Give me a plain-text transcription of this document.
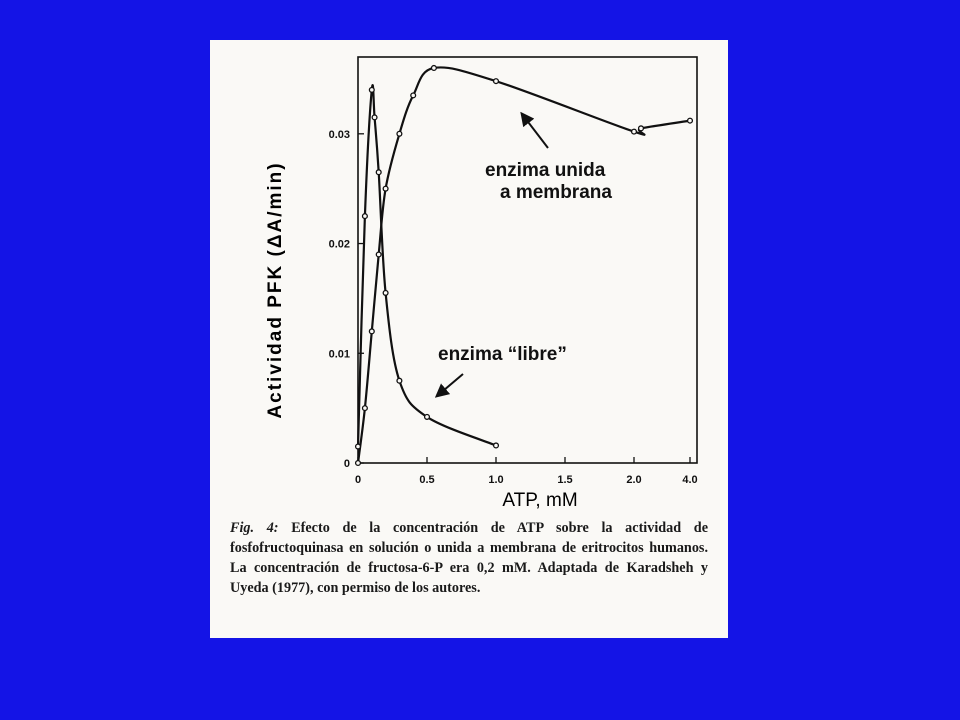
0
0.01
0.02
0.03
0	0.5	1.0	1.5	2.0	4.0
Actividad PFK (ΔA/min)
ATP, mM
enzima unida a membrana
enzima “libre”

Fig. 4: Efecto de la concentración de ATP sobre la actividad de fosfofructoquinasa en solución o unida a membrana de eritrocitos humanos. La concentración de fructosa-6-P era 0,2 mM. Adaptada de Karadsheh y Uyeda (1977), con permiso de los autores.
